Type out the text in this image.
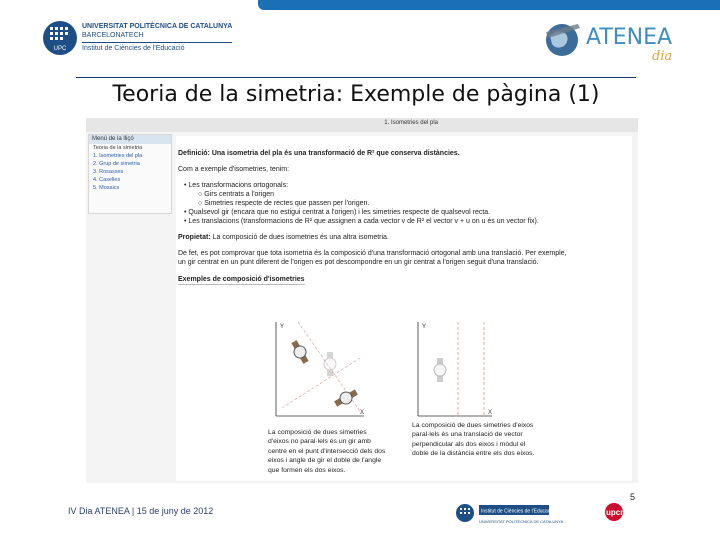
UPC
UNIVERSITAT POLITÈCNICA DE CATALUNYA
BARCELONATECH
Institut de Ciències de l'Educació	ATENEA
dia
Teoria de la simetria: Exemple de pàgina (1)
1. Isometries del pla
Menú de la lliçó
Teoria de la simetria
1. Isometries del pla
2. Grup de simetria
3. Rosasses
4. Caselles
5. Mosaics

Definició: Una isometria del pla és una transformació de R² que conserva distàncies.

Com a exemple d'isometries, tenim:

• Les transformacions ortogonals:
○ Girs centrats a l'origen
○ Simetries respecte de rectes que passen per l'origen.
• Qualsevol gir (encara que no estigui centrat a l'origen) i les simetries respecte de qualsevol recta.
• Les translacions (transformacions de R² que assignen a cada vector v de R² el vector v + u on u és un vector fix).

Propietat: La composició de dues isometries és una altra isometria.

De fet, es pot comprovar que tota isometria és la composició d'una transformació ortogonal amb una translació. Per exemple,

un gir centrat en un punt diferent de l'origen es pot descompondre en un gir centrat a l'origen seguit d'una translació.

Exemples de composició d'isometries

Y
X
Y
X
La composició de dues simetries d'eixos no paral·lels és un gir amb centre en el punt d'intersecció dels dos eixos i angle de gir el doble de l'angle que formen els dos eixos.
La composició de dues simetries d'eixos paral·lels és una translació de vector perpendicular als dos eixos i mòdul el doble de la distància entre els dos eixos.
IV Dia ATENEA | 15 de juny de 2012
5
Institut de Ciències de l'Educació
UNIVERSITAT POLITÈCNICA DE CATALUNYA
upcnet
